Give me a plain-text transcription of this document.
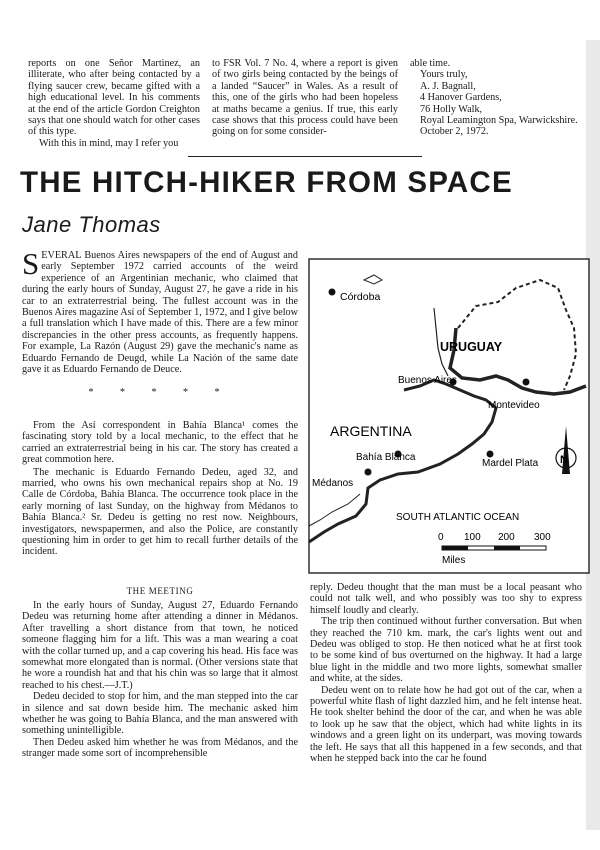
reports on one Señor Martinez, an illiterate, who after being contacted by a flying saucer crew, became gifted with a high educational level. In his comments at the end of the article Gordon Creighton says that one should watch for other cases of this type.

With this in mind, may I refer you

to FSR Vol. 7 No. 4, where a report is given of two girls being contacted by the beings of a landed “Saucer” in Wales. As a result of this, one of the girls who had been hopeless at maths became a genius. If true, this early case shows that this process could have been going on for some consider-

able time.

Yours truly,

A. J. Bagnall,

4 Hanover Gardens,

76 Holly Walk,

Royal Leamington Spa, Warwickshire.

October 2, 1972.

THE HITCH-HIKER FROM SPACE
Jane Thomas

S EVERAL Buenos Aires newspapers of the end of August and early September 1972 carried accounts of the weird experience of an Argentinian mechanic, who claimed that during the early hours of Sunday, August 27, he gave a ride in his car to an extraterrestrial being. The fullest account was in the Buenos Aires magazine Así of September 1, 1972, and I give below a full translation which I have made of this. There are a few minor discrepancies in the other press accounts, as frequently happens. For example, La Razón (August 29) gave the mechanic's name as Eduardo Fernando de Deugd, while La Nación of the same date gave it as Eduardo Fernando de Deuce.

* * * * *

From the Así correspondent in Bahía Blanca¹ comes the fascinating story told by a local mechanic, to the effect that he carried an extraterrestrial being in his car. The story has created a great commotion here.

The mechanic is Eduardo Fernando Dedeu, aged 32, and married, who owns his own mechanical repairs shop at No. 19 Calle de Córdoba, Bahía Blanca. The occurrence took place in the early morning of last Sunday, on the highway from Médanos to Bahía Blanca.² Sr. Dedeu is getting no rest now. Neighbours, investigators, newspapermen, and also the Police, are constantly questioning him in order to get him to recall further details of the incident.

THE MEETING

In the early hours of Sunday, August 27, Eduardo Fernando Dedeu was returning home after attending a dinner in Médanos. After travelling a short distance from that town, he noticed someone flagging him for a lift. This was a man wearing a coat with the collar turned up, and a cap covering his head. His face was somewhat more elongated than is normal. (Other versions state that he wore a roundish hat and that his chin was so large that it almost reached to his chest.—J.T.)

Dedeu decided to stop for him, and the man stepped into the car in silence and sat down beside him. The mechanic asked him whether he was going to Bahía Blanca, and the man answered with something unintelligible.

Then Dedeu asked him whether he was from Médanos, and the stranger made some sort of incomprehensible

reply. Dedeu thought that the man must be a local peasant who could not talk well, and who possibly was too shy to express himself loudly and clearly.

The trip then continued without further conversation. But when they reached the 710 km. mark, the car's lights went out and Dedeu was obliged to stop. He then noticed what he at first took to be some kind of bus overturned on the highway. It had a large blue light in the middle and two more lights, somewhat smaller and white, at the sides.

Dedeu went on to relate how he had got out of the car, when a powerful white flash of light dazzled him, and he felt intense heat. He took shelter behind the door of the car, and when he was able to look up he saw that the object, which had white lights in its windows and a green light on its underpart, was moving towards the left. He says that all this happened in a few seconds, and that when he stepped back into the car he found

Córdoba
URUGUAY
Buenos Aires
Montevideo
ARGENTINA
Bahía Blanca
Mardel Plata
Médanos
SOUTH ATLANTIC OCEAN
N
0 100 200 300
Miles
